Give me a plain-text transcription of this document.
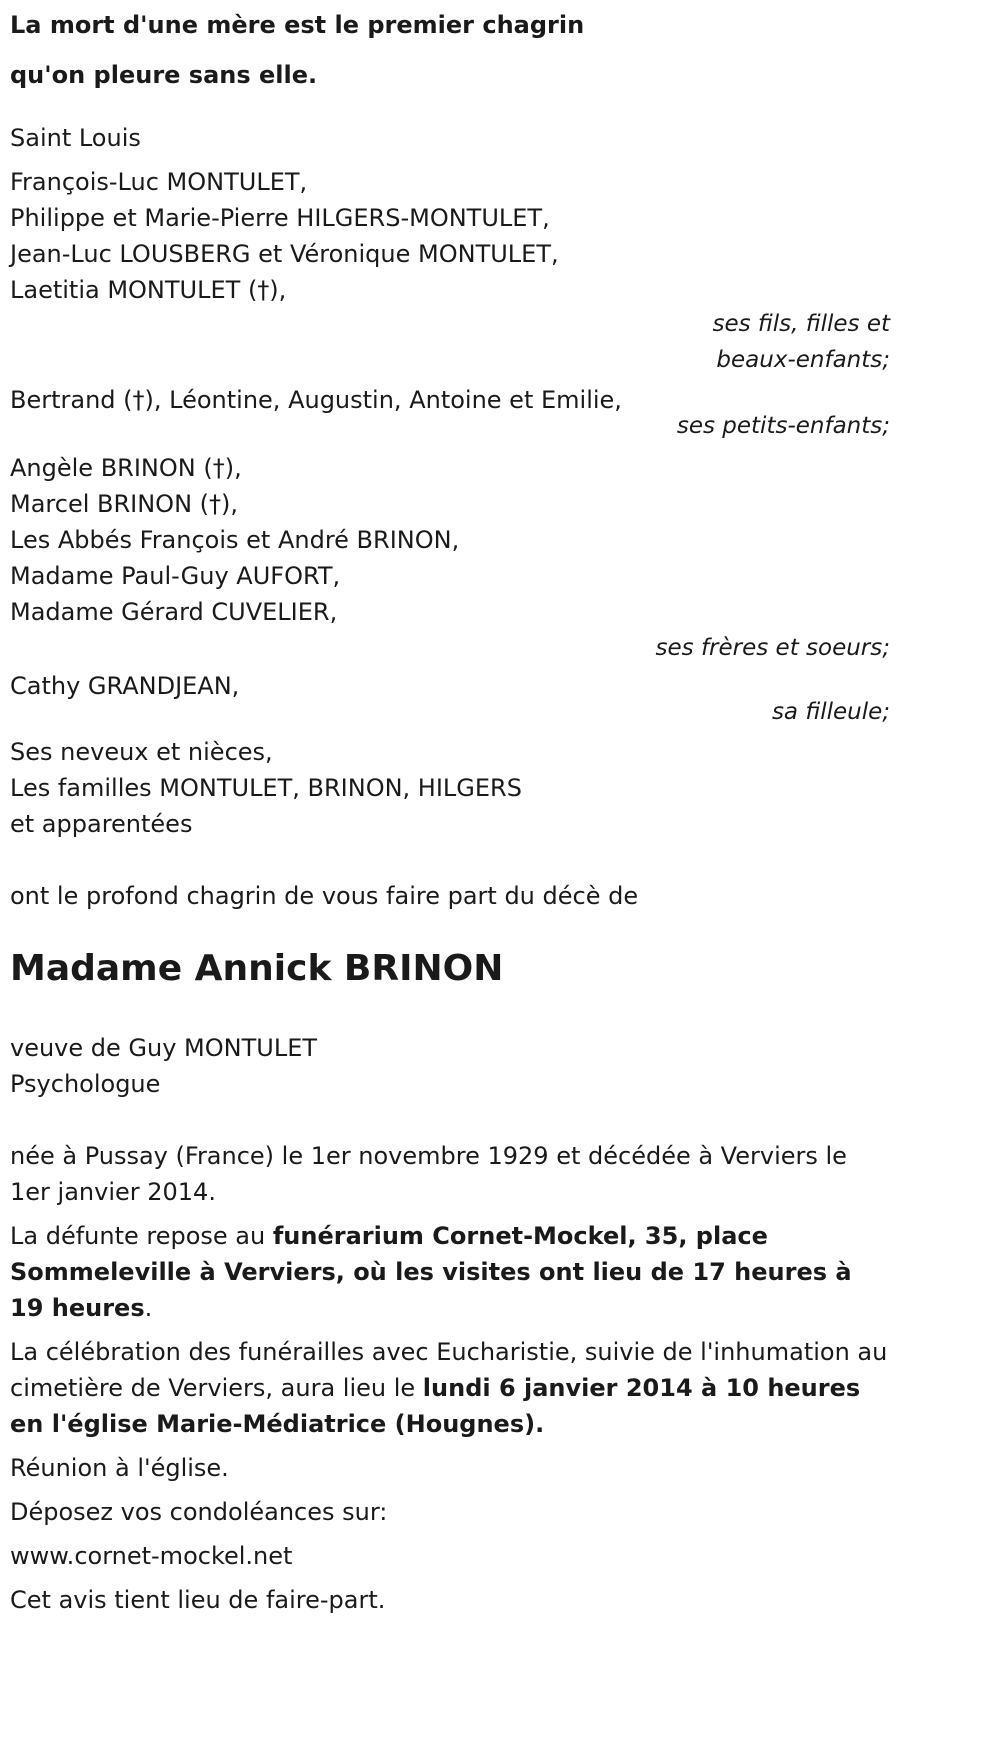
La mort d'une mère est le premier chagrin
qu'on pleure sans elle.
Saint Louis
François-Luc MONTULET,
Philippe et Marie-Pierre HILGERS-MONTULET,
Jean-Luc LOUSBERG et Véronique MONTULET,
Laetitia MONTULET (†),
ses fils, filles et
beaux-enfants;
Bertrand (†), Léontine, Augustin, Antoine et Emilie,
ses petits-enfants;
Angèle BRINON (†),
Marcel BRINON (†),
Les Abbés François et André BRINON,
Madame Paul-Guy AUFORT,
Madame Gérard CUVELIER,
ses frères et soeurs;
Cathy GRANDJEAN,
sa filleule;
Ses neveux et nièces,
Les familles MONTULET, BRINON, HILGERS
et apparentées
ont le profond chagrin de vous faire part du décè de
Madame Annick BRINON
veuve de Guy MONTULET
Psychologue
née à Pussay (France) le 1er novembre 1929 et décédée à Verviers le 1er janvier 2014.
La défunte repose au funérarium Cornet-Mockel, 35, place Sommeleville à Verviers, où les visites ont lieu de 17 heures à 19 heures.
La célébration des funérailles avec Eucharistie, suivie de l'inhumation au cimetière de Verviers, aura lieu le lundi 6 janvier 2014 à 10 heures en l'église Marie-Médiatrice (Hougnes).
Réunion à l'église.
Déposez vos condoléances sur:
www.cornet-mockel.net
Cet avis tient lieu de faire-part.
